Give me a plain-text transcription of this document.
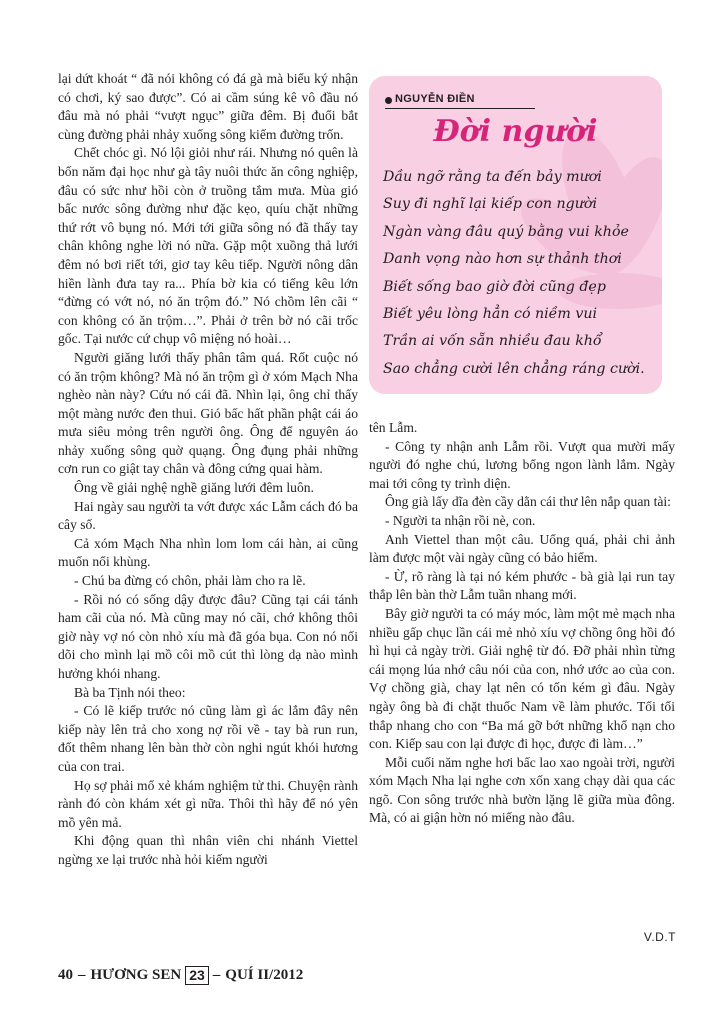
lại dứt khoát “ đã nói không có đá gà mà biểu ký nhận có chơi, ký sao được”. Có ai cầm súng kê vô đầu nó đâu mà nó phải “vượt ngục” giữa đêm. Bị đuổi bắt cùng đường phải nhảy xuống sông kiếm đường trốn.

Chết chóc gì. Nó lội giỏi như rái. Nhưng nó quên là bốn năm đại học như gà tây nuôi thức ăn công nghiệp, đâu có sức như hồi còn ở truồng tắm mưa. Mùa gió bấc nước sông đường như đặc kẹo, quíu chặt những thứ rớt vô bụng nó. Mới tới giữa sông nó đã thấy tay chân không nghe lời nó nữa. Gặp một xuồng thả lưới đêm nó bơi riết tới, giơ tay kêu tiếp. Người nông dân hiền lành đưa tay ra... Phía bờ kia có tiếng kêu lớn “đừng có vớt nó, nó ăn trộm đó.” Nó chồm lên cãi “ con không có ăn trộm…”. Phải ở trên bờ nó cãi trốc gốc. Tại nước cứ chụp vô miệng nó hoài…

Người giăng lưới thấy phân tâm quá. Rốt cuộc nó có ăn trộm không? Mà nó ăn trộm gì ở xóm Mạch Nha nghèo nàn này? Cứu nó cái đã. Nhìn lại, ông chỉ thấy một màng nước đen thui. Gió bấc hất phần phật cái áo mưa siêu mỏng trên người ông. Ông để nguyên áo nhảy xuống sông quờ quạng. Ông đụng phải những cơn run co giật tay chân và đông cứng quai hàm.

Ông về giải nghệ nghề giăng lưới đêm luôn.

Hai ngày sau người ta vớt được xác Lẫm cách đó ba cây số.

Cả xóm Mạch Nha nhìn lom lom cái hàn, ai cũng muốn nổi khùng.

- Chú ba đừng có chôn, phải làm cho ra lẽ.

- Rồi nó có sống dậy được đâu? Cũng tại cái tánh ham cãi của nó. Mà cũng may nó cãi, chớ không thôi giờ này vợ nó còn nhỏ xíu mà đã góa bụa. Con nó nối dõi cho mình lại mồ côi mồ cút thì lòng dạ nào mình hưởng khói nhang.

Bà ba Tịnh nói theo:

- Có lẽ kiếp trước nó cũng làm gì ác lắm đây nên kiếp này lên trả cho xong nợ rồi về - tay bà run run, đốt thêm nhang lên bàn thờ còn nghi ngút khói hương của con trai.

Họ sợ phải mổ xẻ khám nghiệm tử thi. Chuyện rành rành đó còn khám xét gì nữa. Thôi thì hãy để nó yên mồ yên mả.

Khi động quan thì nhân viên chi nhánh Viettel ngừng xe lại trước nhà hỏi kiếm người

NGUYỄN ĐIỀN
Đời người
Dầu ngỡ rằng ta đến bảy mươi
Suy đi nghĩ lại kiếp con người
Ngàn vàng đâu quý bằng vui khỏe
Danh vọng nào hơn sự thảnh thơi
Biết sống bao giờ đời cũng đẹp
Biết yêu lòng hẳn có niềm vui
Trần ai vốn sẵn nhiều đau khổ
Sao chẳng cười lên chẳng ráng cười.

tên Lẫm.

- Công ty nhận anh Lẫm rồi. Vượt qua mười mấy người đó nghe chú, lương bổng ngon lành lắm. Ngày mai tới công ty trình diện.

Ông già lấy dĩa đèn cầy dằn cái thư lên nắp quan tài:

- Người ta nhận rồi nè, con.

Anh Viettel than một câu. Uổng quá, phải chi ảnh làm được một vài ngày cũng có bảo hiểm.

- Ừ, rõ ràng là tại nó kém phước - bà già lại run tay thắp lên bàn thờ Lẫm tuần nhang mới.

Bây giờ người ta có máy móc, làm một mẻ mạch nha nhiều gấp chục lần cái mẻ nhỏ xíu vợ chồng ông hồi đó hì hụi cả ngày trời. Giải nghệ từ đó. Đỡ phải nhìn từng cái mọng lúa nhớ câu nói của con, nhớ ước ao của con. Vợ chồng già, chay lạt nên có tốn kém gì đâu. Ngày ngày ông bà đi chặt thuốc Nam về làm phước. Tối tối thắp nhang cho con “Ba má gỡ bớt những khổ nạn cho con. Kiếp sau con lại được đi học, được đi làm…”

Mỗi cuối năm nghe hơi bấc lao xao ngoài trời, người xóm Mạch Nha lại nghe cơn xốn xang chạy dài qua các ngõ. Con sông trước nhà bườn lặng lẽ giữa mùa đông. Mà, có ai giận hờn nó miếng nào đâu.

V.D.T
40 – HƯƠNG SEN 23 – QUÍ II/2012
